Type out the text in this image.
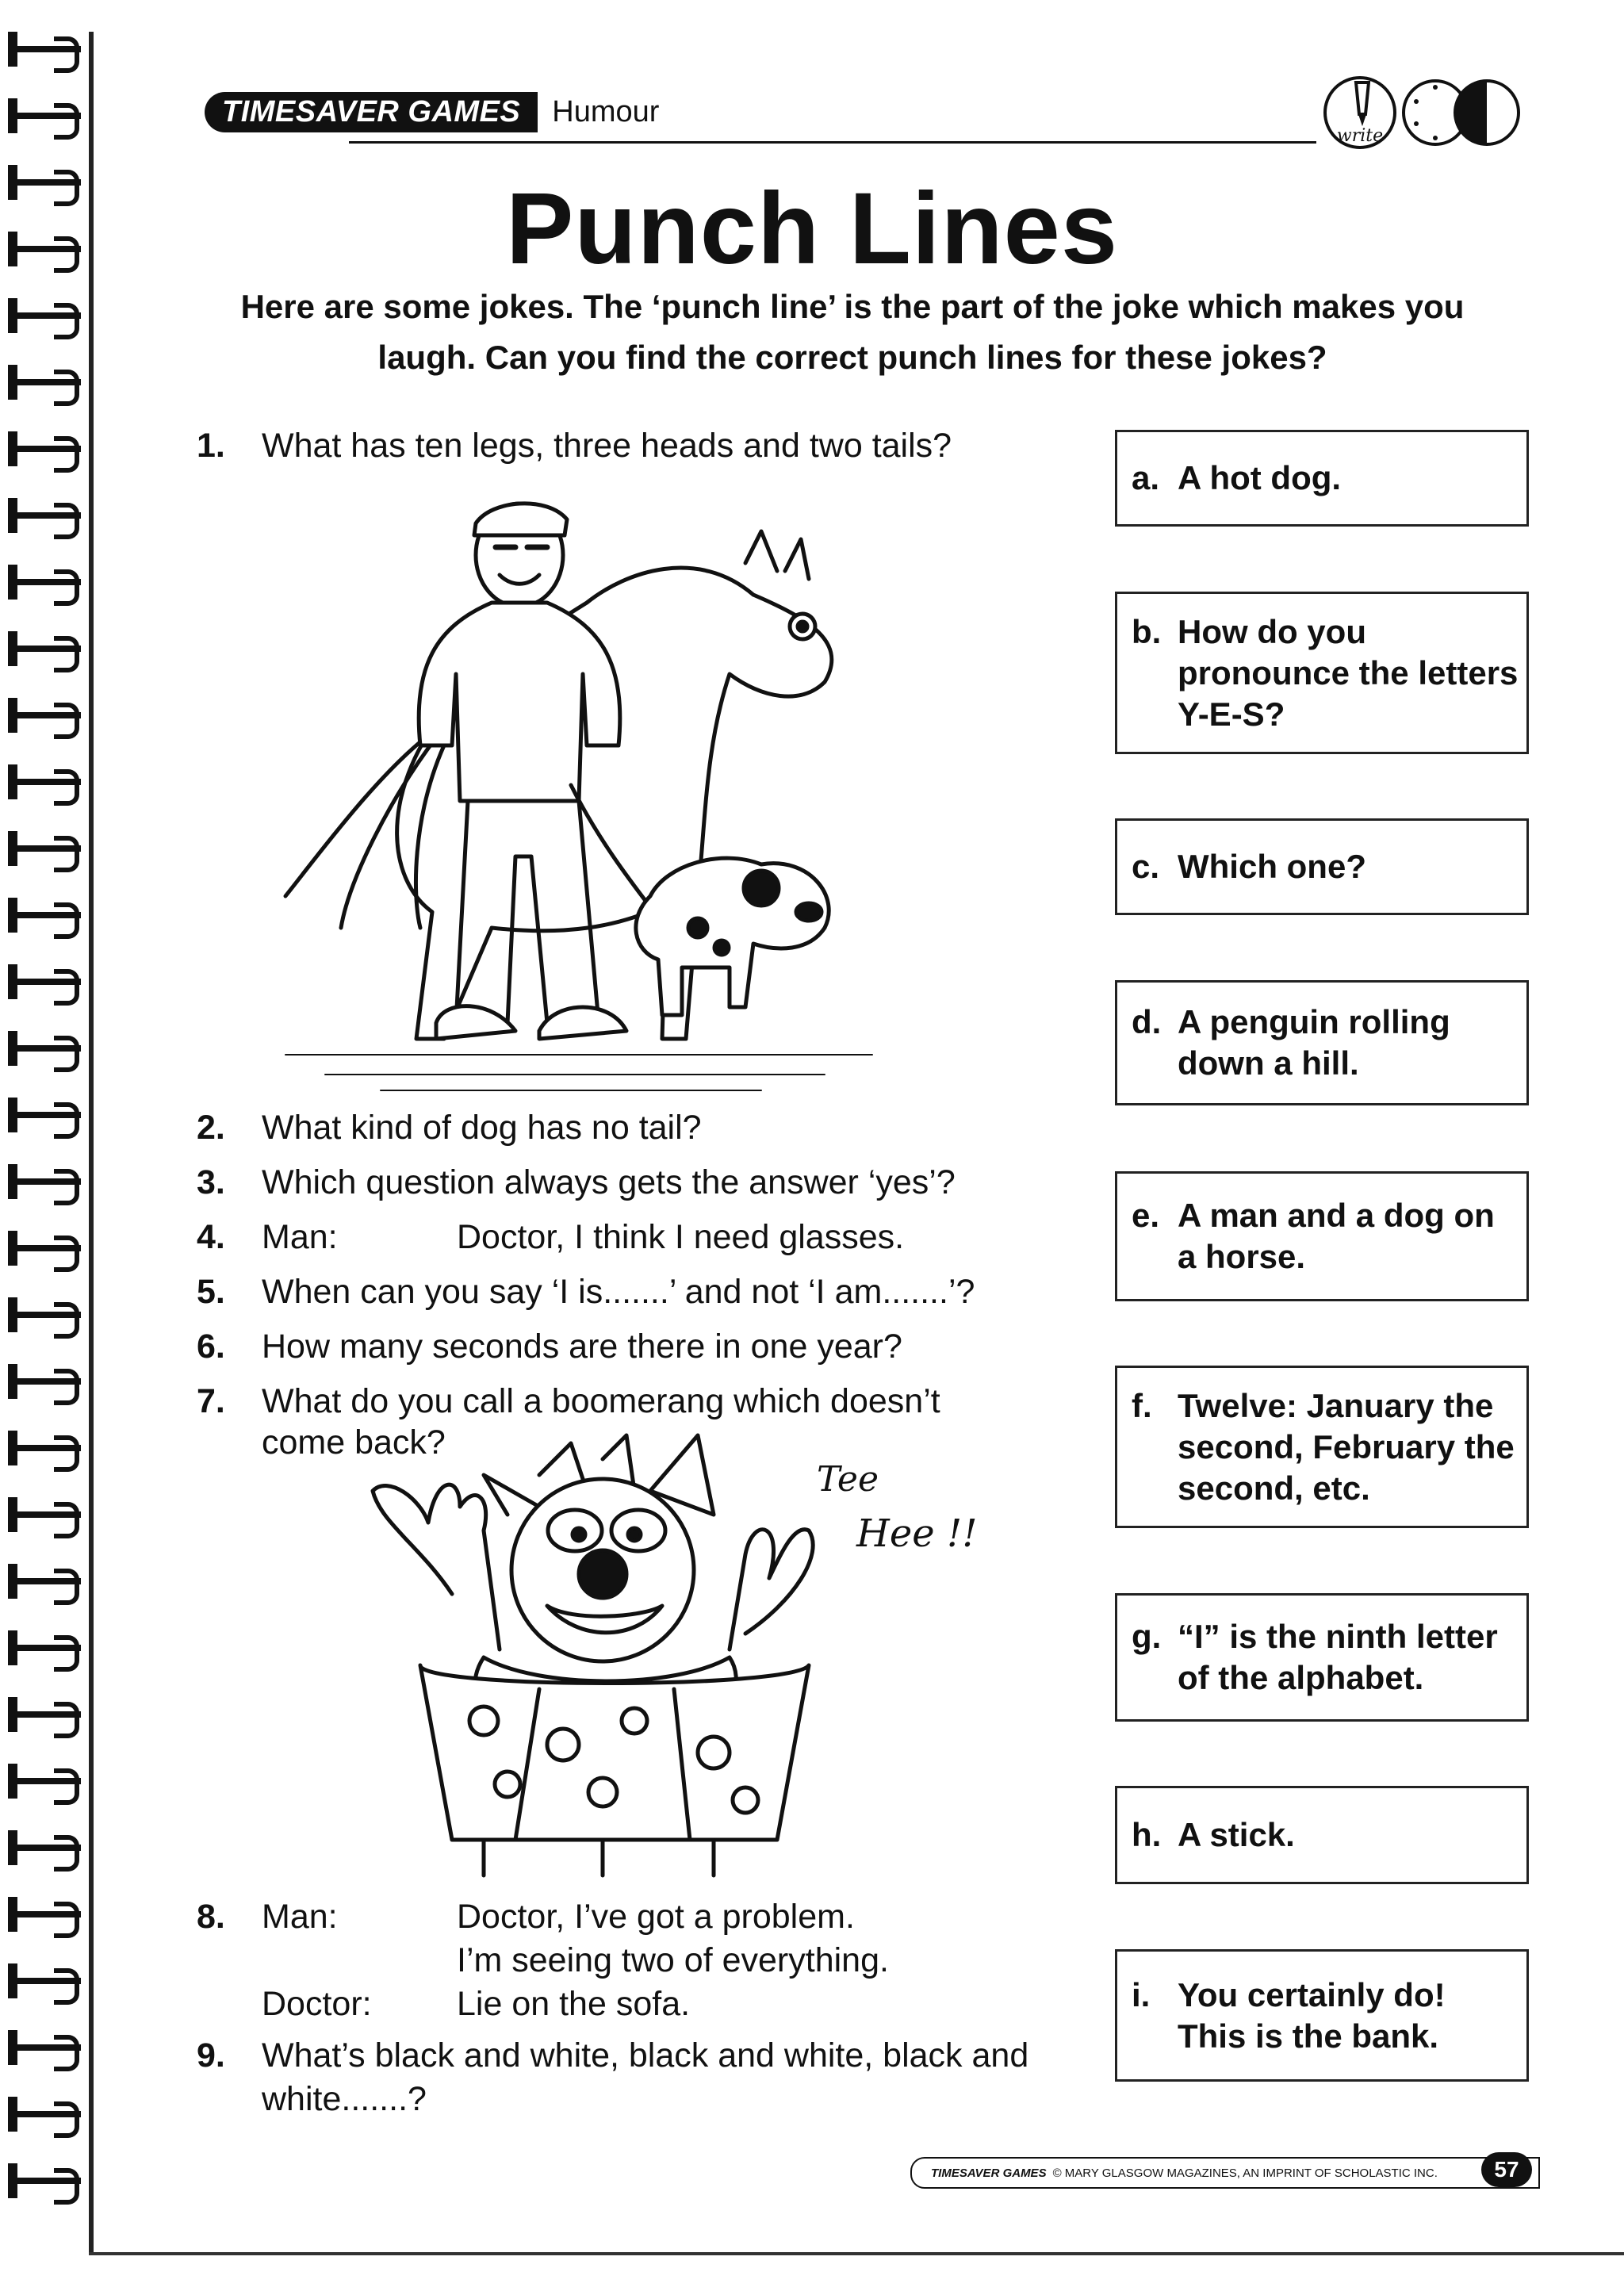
TIMESAVER GAMES	Humour
write
Punch Lines
Here are some jokes. The ‘punch line’ is the part of the joke which makes you laugh. Can you find the correct punch lines for these jokes?
1. What has ten legs, three heads and two tails?
2. What kind of dog has no tail?
3. Which question always gets the answer ‘yes’?
4. Man:	Doctor, I think I need glasses.
5. When can you say ‘I is.......’ and not ‘I am.......’?
6. How many seconds are there in one year?
7. What do you call a boomerang which doesn’t
come back?
Tee
Hee !!
8. Man:	Doctor, I’ve got a problem.
I’m seeing two of everything.
Doctor: Lie on the sofa.
9. What’s black and white, black and white, black and
white.......?
a. A hot dog.
b. How do you pronounce the letters Y-E-S?
c. Which one?
d. A penguin rolling down a hill.
e. A man and a dog on a horse.
f. Twelve: January the second, February the second, etc.
g. “I” is the ninth letter of the alphabet.
h. A stick.
i. You certainly do! This is the bank.
TIMESAVER GAMES © MARY GLASGOW MAGAZINES, AN IMPRINT OF SCHOLASTIC INC.	57
